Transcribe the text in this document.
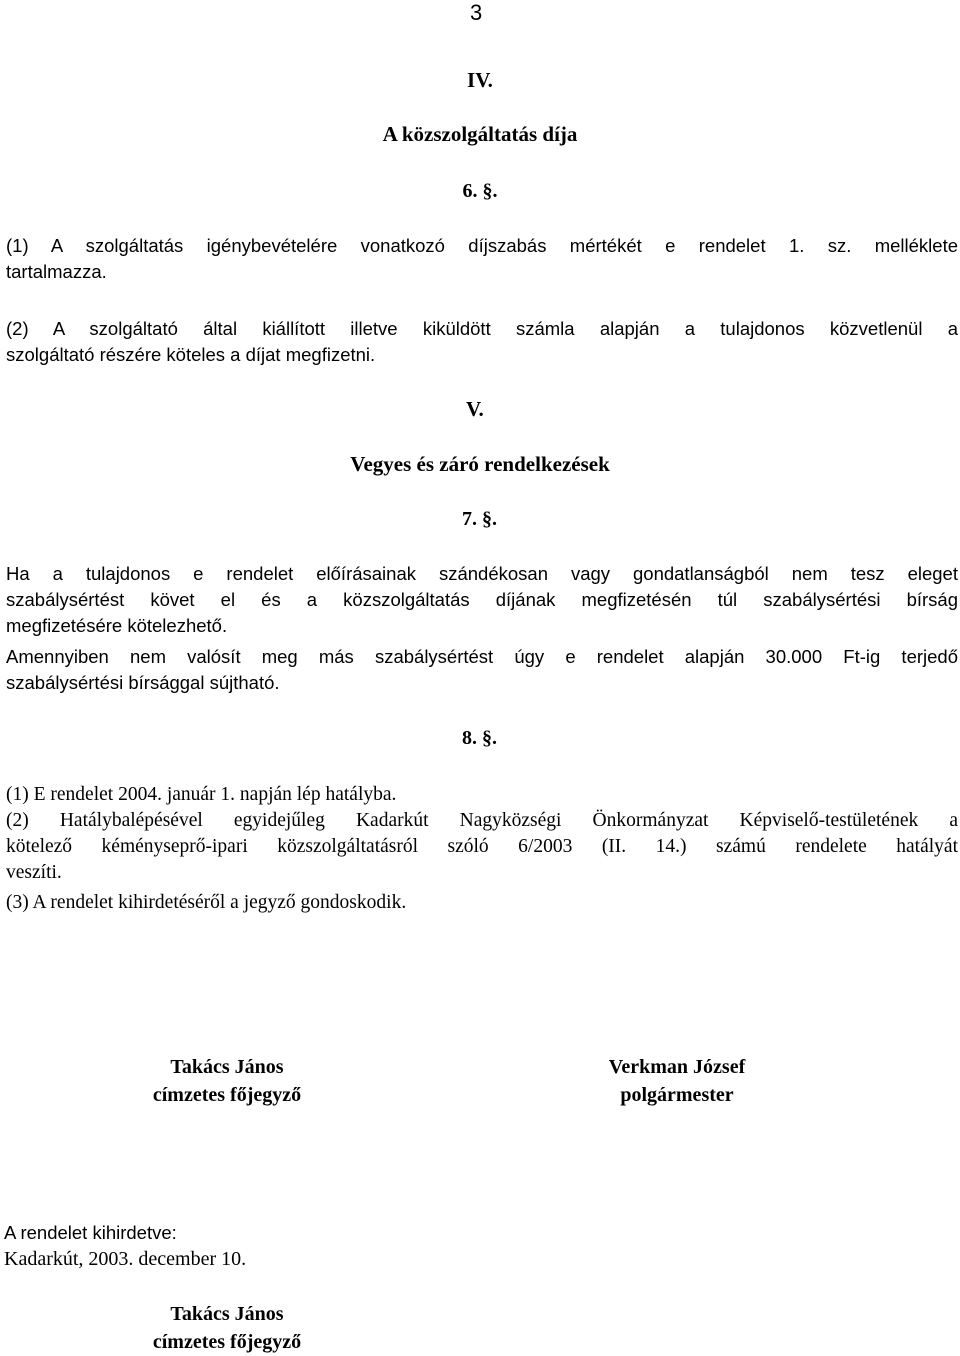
3
IV.
A közszolgáltatás díja
6. §.
(1) A szolgáltatás igénybevételére vonatkozó díjszabás mértékét e rendelet 1. sz. melléklete
tartalmazza.
(2) A szolgáltató által kiállított illetve kiküldött számla alapján a tulajdonos közvetlenül a
szolgáltató részére köteles a díjat megfizetni.
V.
Vegyes és záró rendelkezések
7. §.
Ha a tulajdonos e rendelet előírásainak szándékosan vagy gondatlanságból nem tesz eleget
szabálysértést követ el és a közszolgáltatás díjának megfizetésén túl szabálysértési bírság
megfizetésére kötelezhető.
Amennyiben nem valósít meg más szabálysértést úgy e rendelet alapján 30.000 Ft-ig terjedő
szabálysértési bírsággal sújtható.
8. §.
(1) E rendelet 2004. január 1. napján lép hatályba.
(2) Hatálybalépésével egyidejűleg Kadarkút Nagyközségi Önkormányzat Képviselő-testületének a
kötelező kéményseprő-ipari közszolgáltatásról szóló 6/2003 (II. 14.) számú rendelete hatályát
veszíti.
(3) A rendelet kihirdetéséről a jegyző gondoskodik.
Takács János
címzetes főjegyző
Verkman József
polgármester
A rendelet kihirdetve:
Kadarkút, 2003. december 10.
Takács János
címzetes főjegyző
